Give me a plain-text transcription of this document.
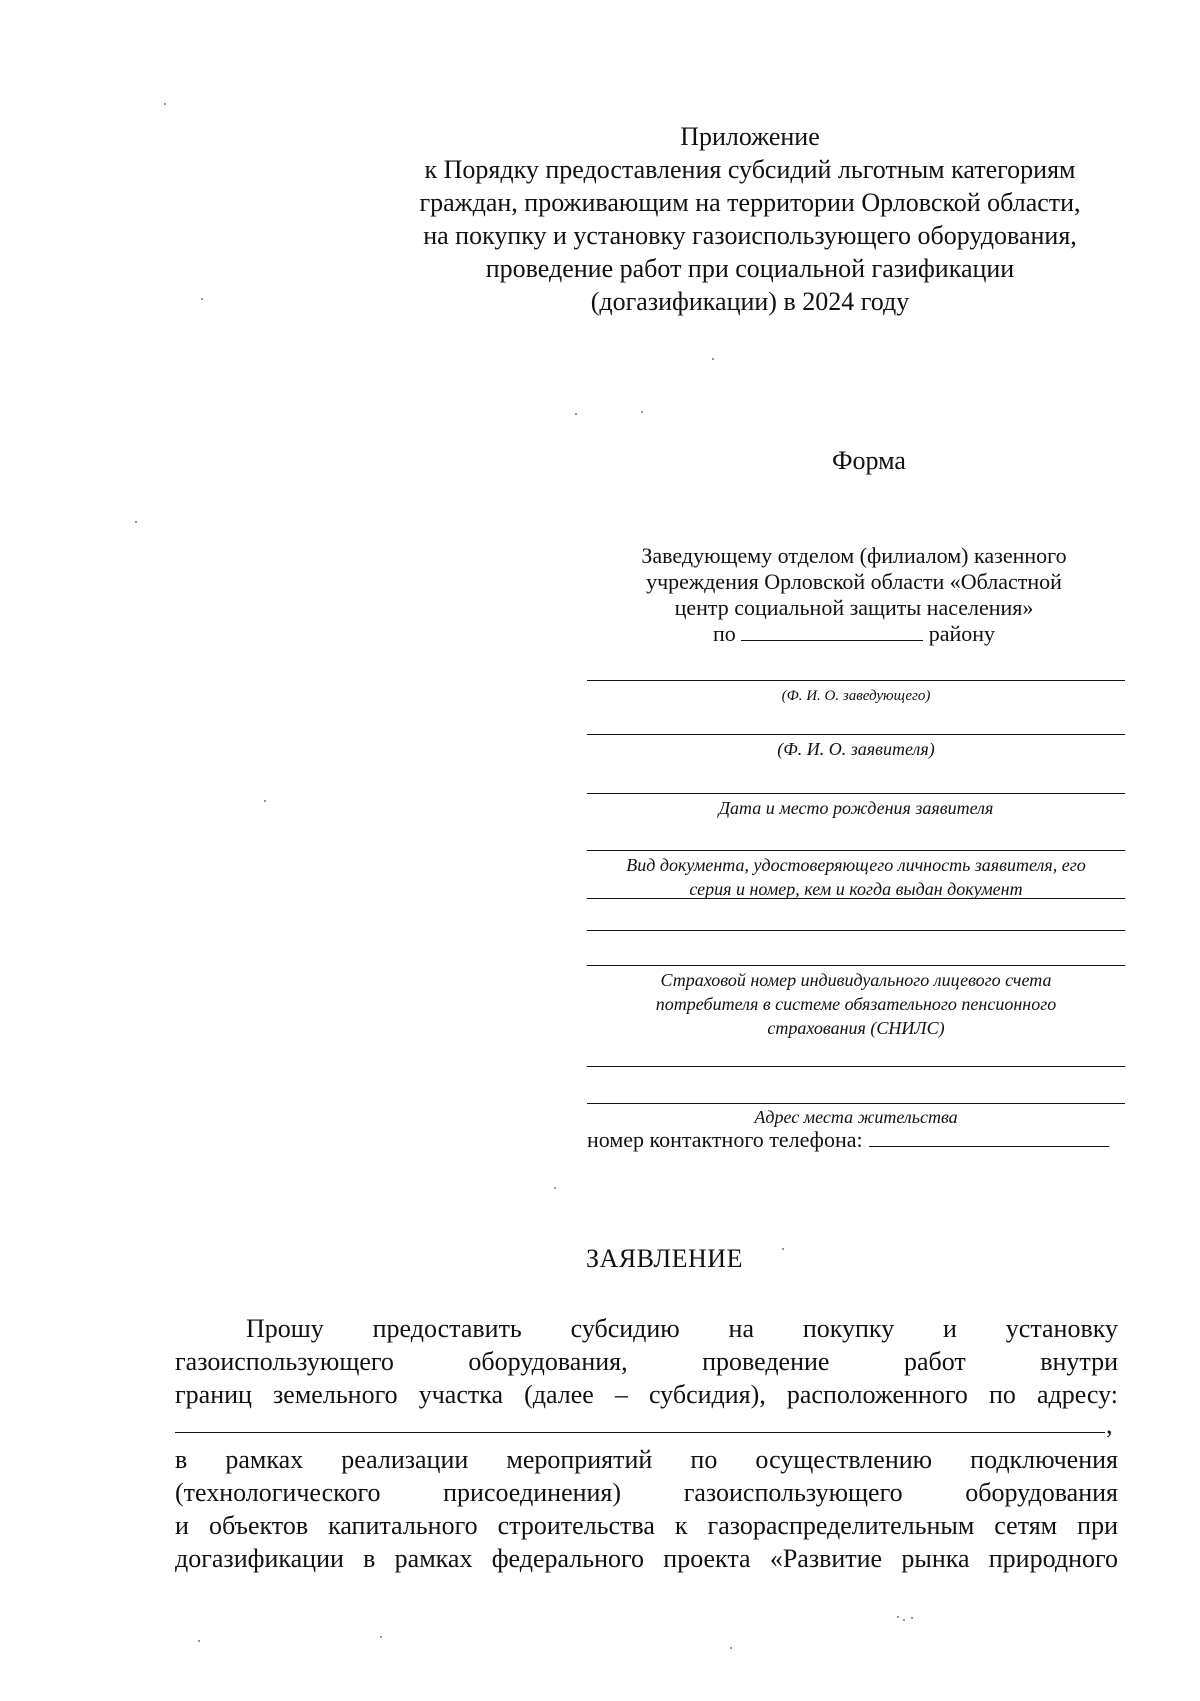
Приложение
к Порядку предоставления субсидий льготным категориям
граждан, проживающим на территории Орловской области,
на покупку и установку газоиспользующего оборудования,
проведение работ при социальной газификации
(догазификации) в 2024 году
Форма
Заведующему отделом (филиалом) казенного
учреждения Орловской области «Областной
центр социальной защиты населения»
по	району
(Ф. И. О. заведующего)
(Ф. И. О. заявителя)
Дата и место рождения заявителя
Вид документа, удостоверяющего личность заявителя, его
серия и номер, кем и когда выдан документ
Страховой номер индивидуального лицевого счета
потребителя в системе обязательного пенсионного
страхования (СНИЛС)
Адрес места жительства
номер контактного телефона:
ЗАЯВЛЕНИЕ
Прошу предоставить субсидию на покупку и установку
газоиспользующего оборудования, проведение работ внутри
границ земельного участка (далее – субсидия), расположенного по адресу:
,
в рамках реализации мероприятий по осуществлению подключения
(технологического присоединения) газоиспользующего оборудования
и объектов капитального строительства к газораспределительным сетям при
догазификации в рамках федерального проекта «Развитие рынка природного
